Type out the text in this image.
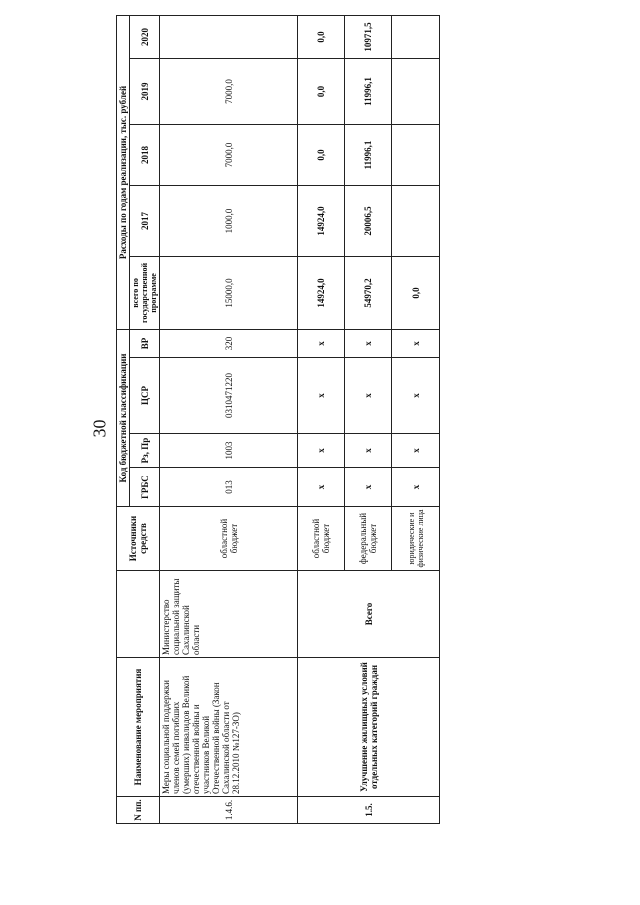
30
N пп.	Наименование мероприятия		Источники средств	Код бюджетной классификации				Расходы по годам реализации, тыс. рублей				
				ГРБС	Рз, Пр	ЦСР	ВР	всего по государственной программе	2017	2018	2019	2020

1.4.6.	Меры социальной поддержки членов семей погибших (умерших) инвалидов Великой отечественной войны и участников Великой Отечественной войны (Закон Сахалинской области от 28.12.2010 №127-ЗО)	Министерство социальной защиты Сахалинской области	областной бюджет	013	1003	0310471220	320	15000,0	1000,0	7000,0	7000,0	
1.5.	Улучшение жилищных условий отдельных категорий граждан	Всего	областной бюджет	х	х	х	х	14924,0	14924,0	0,0	0,0	0,0
			федеральный бюджет	х	х	х	х	54970,2	20006,5	11996,1	11996,1	10971,5
			юридические и физические лица	х	х	х	х	0,0				
